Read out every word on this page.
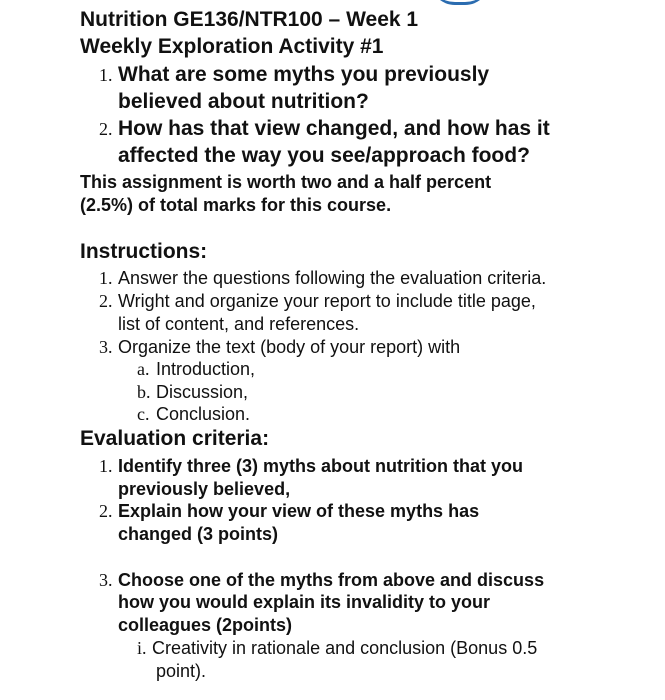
Nutrition GE136/NTR100 – Week 1
Weekly Exploration Activity #1
1. What are some myths you previously
believed about nutrition?
2. How has that view changed, and how has it
affected the way you see/approach food?
This assignment is worth two and a half percent
(2.5%) of total marks for this course.
Instructions:
1. Answer the questions following the evaluation criteria.
2. Wright and organize your report to include title page,
list of content, and references.
3. Organize the text (body of your report) with
a. Introduction,
b. Discussion,
c. Conclusion.
Evaluation criteria:
1. Identify three (3) myths about nutrition that you
previously believed,
2. Explain how your view of these myths has
changed (3 points)
3. Choose one of the myths from above and discuss
how you would explain its invalidity to your
colleagues (2points)
i. Creativity in rationale and conclusion (Bonus 0.5
point).
